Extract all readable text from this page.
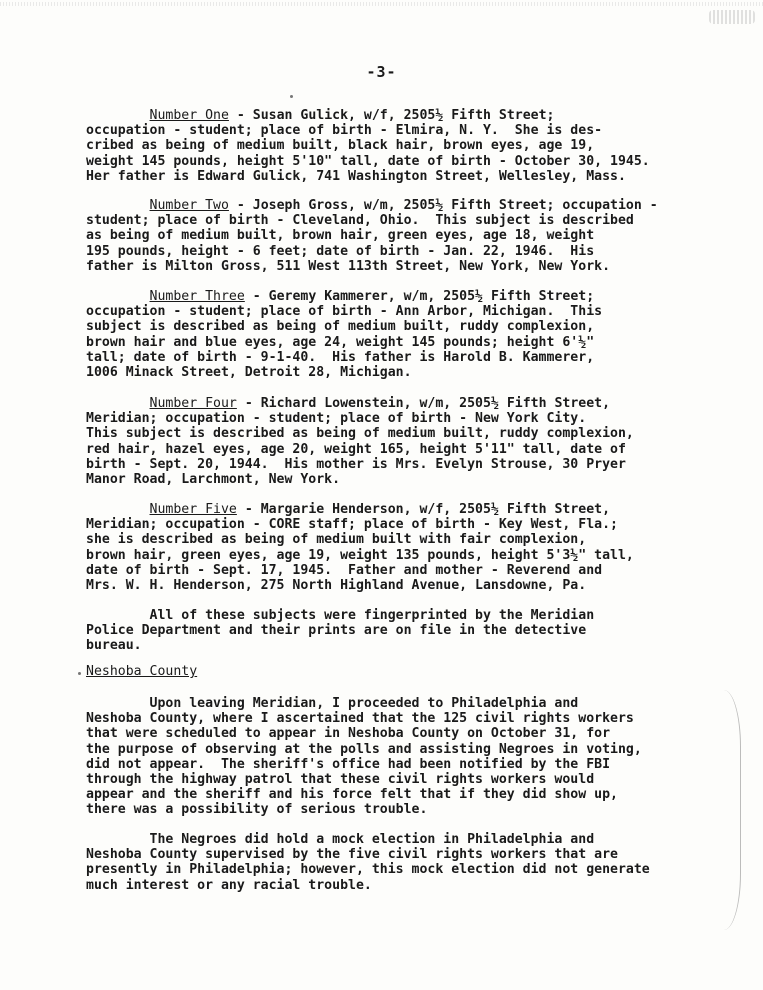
-3-

Number One - Susan Gulick, w/f, 2505½ Fifth Street;
occupation - student; place of birth - Elmira, N. Y.  She is des-
cribed as being of medium built, black hair, brown eyes, age 19,
weight 145 pounds, height 5'10" tall, date of birth - October 30, 1945.
Her father is Edward Gulick, 741 Washington Street, Wellesley, Mass.

Number Two - Joseph Gross, w/m, 2505½ Fifth Street; occupation -
student; place of birth - Cleveland, Ohio.  This subject is described
as being of medium built, brown hair, green eyes, age 18, weight
195 pounds, height - 6 feet; date of birth - Jan. 22, 1946.  His
father is Milton Gross, 511 West 113th Street, New York, New York.

Number Three - Geremy Kammerer, w/m, 2505½ Fifth Street;
occupation - student; place of birth - Ann Arbor, Michigan.  This
subject is described as being of medium built, ruddy complexion,
brown hair and blue eyes, age 24, weight 145 pounds; height 6'½"
tall; date of birth - 9-1-40.  His father is Harold B. Kammerer,
1006 Minack Street, Detroit 28, Michigan.

Number Four - Richard Lowenstein, w/m, 2505½ Fifth Street,
Meridian; occupation - student; place of birth - New York City.
This subject is described as being of medium built, ruddy complexion,
red hair, hazel eyes, age 20, weight 165, height 5'11" tall, date of
birth - Sept. 20, 1944.  His mother is Mrs. Evelyn Strouse, 30 Pryer
Manor Road, Larchmont, New York.

Number Five - Margarie Henderson, w/f, 2505½ Fifth Street,
Meridian; occupation - CORE staff; place of birth - Key West, Fla.;
she is described as being of medium built with fair complexion,
brown hair, green eyes, age 19, weight 135 pounds, height 5'3½" tall,
date of birth - Sept. 17, 1945.  Father and mother - Reverend and
Mrs. W. H. Henderson, 275 North Highland Avenue, Lansdowne, Pa.

All of these subjects were fingerprinted by the Meridian
Police Department and their prints are on file in the detective
bureau.

Neshoba County

Upon leaving Meridian, I proceeded to Philadelphia and
Neshoba County, where I ascertained that the 125 civil rights workers
that were scheduled to appear in Neshoba County on October 31, for
the purpose of observing at the polls and assisting Negroes in voting,
did not appear.  The sheriff's office had been notified by the FBI
through the highway patrol that these civil rights workers would
appear and the sheriff and his force felt that if they did show up,
there was a possibility of serious trouble.

The Negroes did hold a mock election in Philadelphia and
Neshoba County supervised by the five civil rights workers that are
presently in Philadelphia; however, this mock election did not generate
much interest or any racial trouble.
